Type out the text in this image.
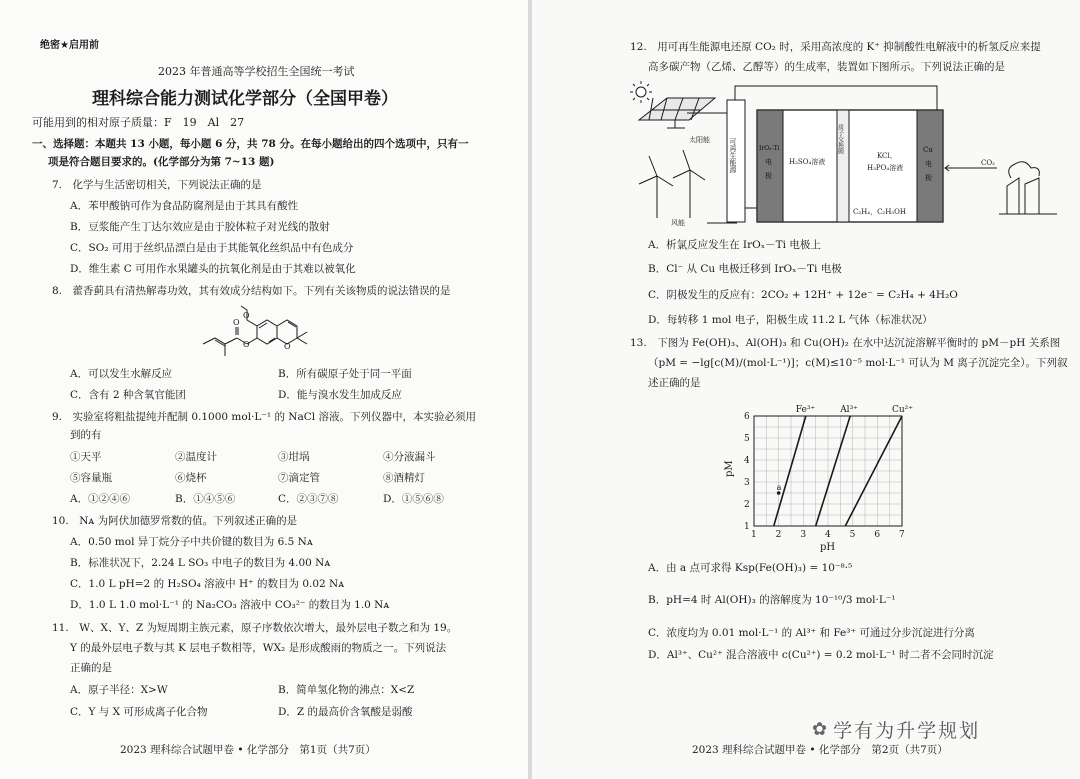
绝密★启用前
2023 年普通高等学校招生全国统一考试
理科综合能力测试化学部分（全国甲卷）
可能用到的相对原子质量：F　19　Al　27
一、选择题：本题共 13 小题，每小题 6 分，共 78 分。在每小题给出的四个选项中，只有一
项是符合题目要求的。(化学部分为第 7~13 题)
7.　化学与生活密切相关，下列说法正确的是
A．苯甲酸钠可作为食品防腐剂是由于其具有酸性
B．豆浆能产生丁达尔效应是由于胶体粒子对光线的散射
C．SO₂ 可用于丝织品漂白是由于其能氧化丝织品中有色成分
D．维生素 C 可用作水果罐头的抗氧化剂是由于其难以被氧化
8.　藿香蓟具有清热解毒功效，其有效成分结构如下。下列有关该物质的说法错误的是
O
O
O
O
A．可以发生水解反应	B．所有碳原子处于同一平面
C．含有 2 种含氧官能团	D．能与溴水发生加成反应
9.　实验室将粗盐提纯并配制 0.1000 mol·L⁻¹ 的 NaCl 溶液。下列仪器中，本实验必须用
到的有
①天平	②温度计	③坩埚	④分液漏斗
⑤容量瓶	⑥烧杯	⑦滴定管	⑧酒精灯
A．①②④⑥	B．①④⑤⑥	C．②③⑦⑧	D．①⑤⑥⑧
10.　Nᴀ 为阿伏加德罗常数的值。下列叙述正确的是
A．0.50 mol 异丁烷分子中共价键的数目为 6.5 Nᴀ
B．标准状况下，2.24 L SO₃ 中电子的数目为 4.00 Nᴀ
C．1.0 L pH=2 的 H₂SO₄ 溶液中 H⁺ 的数目为 0.02 Nᴀ
D．1.0 L 1.0 mol·L⁻¹ 的 Na₂CO₃ 溶液中 CO₃²⁻ 的数目为 1.0 Nᴀ
11.　W、X、Y、Z 为短周期主族元素，原子序数依次增大，最外层电子数之和为 19。
Y 的最外层电子数与其 K 层电子数相等，WX₂ 是形成酸雨的物质之一。下列说法
正确的是
A．原子半径：X>W	B．简单氢化物的沸点：X<Z
C．Y 与 X 可形成离子化合物	D．Z 的最高价含氧酸是弱酸
2023 理科综合试题甲卷 • 化学部分　第1页（共7页）
12.　用可再生能源电还原 CO₂ 时，采用高浓度的 K⁺ 抑制酸性电解液中的析氢反应来提
高多碳产物（乙烯、乙醇等）的生成率，装置如下图所示。下列说法正确的是
太阳能
风能
可再生能源	IrOₓ-Ti
电
极
H₂SO₄溶液
质子交换膜
KCl、
H₃PO₄溶液
Cu
电
极
C₂H₄，C₂H₅OH
CO₂
A．析氯反应发生在 IrOₓ－Ti 电极上
B．Cl⁻ 从 Cu 电极迁移到 IrOₓ－Ti 电极
C．阴极发生的反应有：2CO₂ + 12H⁺ + 12e⁻ = C₂H₄ + 4H₂O
D．每转移 1 mol 电子，阳极生成 11.2 L 气体（标准状况）
13.　下图为 Fe(OH)₃、Al(OH)₃ 和 Cu(OH)₂ 在水中达沉淀溶解平衡时的 pM－pH 关系图
（pM = −lg[c(M)/(mol·L⁻¹)]；c(M)≤10⁻⁵ mol·L⁻¹ 可认为 M 离子沉淀完全）。下列叙
述正确的是
1 2 3 4 5 6 7
1
2
3
4
5
6
pH
pM
Fe³⁺	Al³⁺	Cu²⁺
a
A．由 a 点可求得 Ksp(Fe(OH)₃) = 10⁻⁸·⁵
B．pH=4 时 Al(OH)₃ 的溶解度为 10⁻¹⁰/3 mol·L⁻¹
C．浓度均为 0.01 mol·L⁻¹ 的 Al³⁺ 和 Fe³⁺ 可通过分步沉淀进行分离
D．Al³⁺、Cu²⁺ 混合溶液中 c(Cu²⁺) = 0.2 mol·L⁻¹ 时二者不会同时沉淀
✿ 学有为升学规划
2023 理科综合试题甲卷 • 化学部分　第2页（共7页）
